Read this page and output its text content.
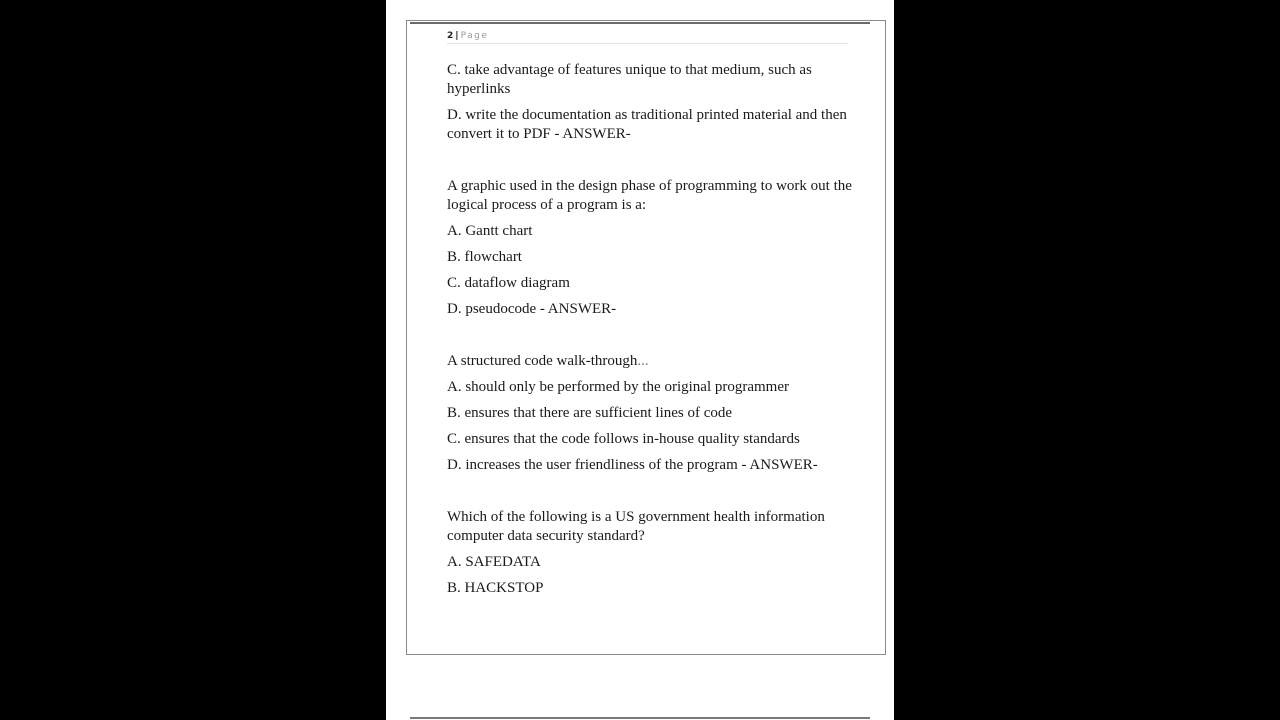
2 | Page

C. take advantage of features unique to that medium, such as hyperlinks

D. write the documentation as traditional printed material and then convert it to PDF - ANSWER-

A graphic used in the design phase of programming to work out the logical process of a program is a:

A. Gantt chart

B. flowchart

C. dataflow diagram

D. pseudocode - ANSWER-

A structured code walk-through...

A. should only be performed by the original programmer

B. ensures that there are sufficient lines of code

C. ensures that the code follows in-house quality standards

D. increases the user friendliness of the program - ANSWER-

Which of the following is a US government health information computer data security standard?

A. SAFEDATA

B. HACKSTOP
